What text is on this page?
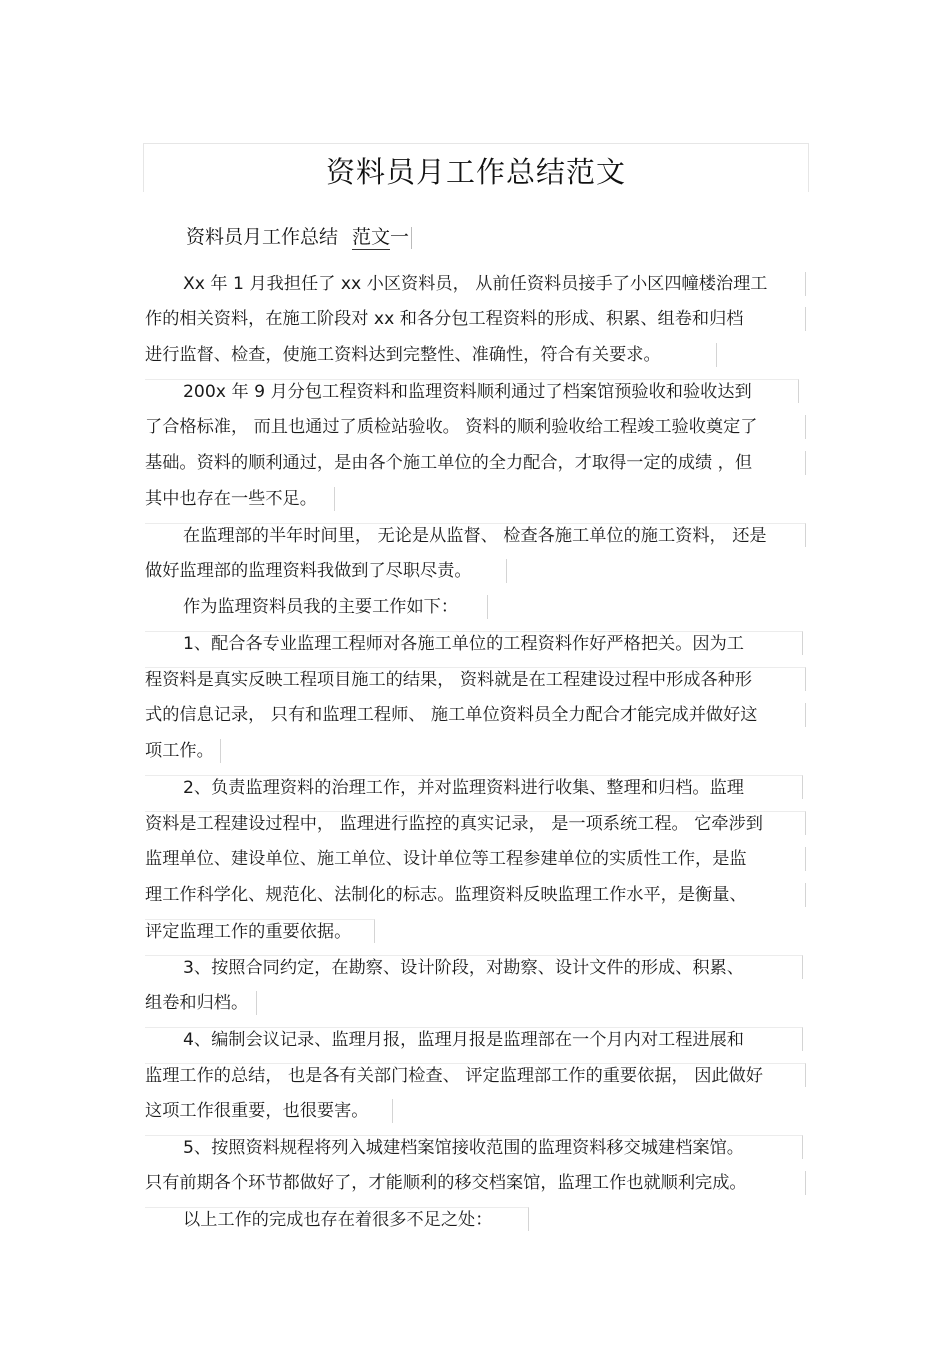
资料员月工作总结范文
资料员月工作总结 范文一
Xx 年 1 月我担任了 xx 小区资料员， 从前任资料员接手了小区四幢楼治理工
作的相关资料，在施工阶段对 xx 和各分包工程资料的形成、积累、组卷和归档
进行监督、检查，使施工资料达到完整性、准确性，符合有关要求。
200x 年 9 月分包工程资料和监理资料顺利通过了档案馆预验收和验收达到
了合格标准， 而且也通过了质检站验收。 资料的顺利验收给工程竣工验收奠定了
基础。资料的顺利通过，是由各个施工单位的全力配合，才取得一定的成绩 ，但
其中也存在一些不足。
在监理部的半年时间里， 无论是从监督、 检查各施工单位的施工资料， 还是
做好监理部的监理资料我做到了尽职尽责。
作为监理资料员我的主要工作如下：
1、配合各专业监理工程师对各施工单位的工程资料作好严格把关。因为工
程资料是真实反映工程项目施工的结果， 资料就是在工程建设过程中形成各种形
式的信息记录， 只有和监理工程师、 施工单位资料员全力配合才能完成并做好这
项工作。
2、负责监理资料的治理工作，并对监理资料进行收集、整理和归档。监理
资料是工程建设过程中， 监理进行监控的真实记录， 是一项系统工程。 它牵涉到
监理单位、建设单位、施工单位、设计单位等工程参建单位的实质性工作，是监
理工作科学化、规范化、法制化的标志。监理资料反映监理工作水平，是衡量、
评定监理工作的重要依据。
3、按照合同约定，在勘察、设计阶段，对勘察、设计文件的形成、积累、
组卷和归档。
4、编制会议记录、监理月报，监理月报是监理部在一个月内对工程进展和
监理工作的总结， 也是各有关部门检查、 评定监理部工作的重要依据， 因此做好
这项工作很重要，也很要害。
5、按照资料规程将列入城建档案馆接收范围的监理资料移交城建档案馆。
只有前期各个环节都做好了，才能顺利的移交档案馆，监理工作也就顺利完成。
以上工作的完成也存在着很多不足之处：
